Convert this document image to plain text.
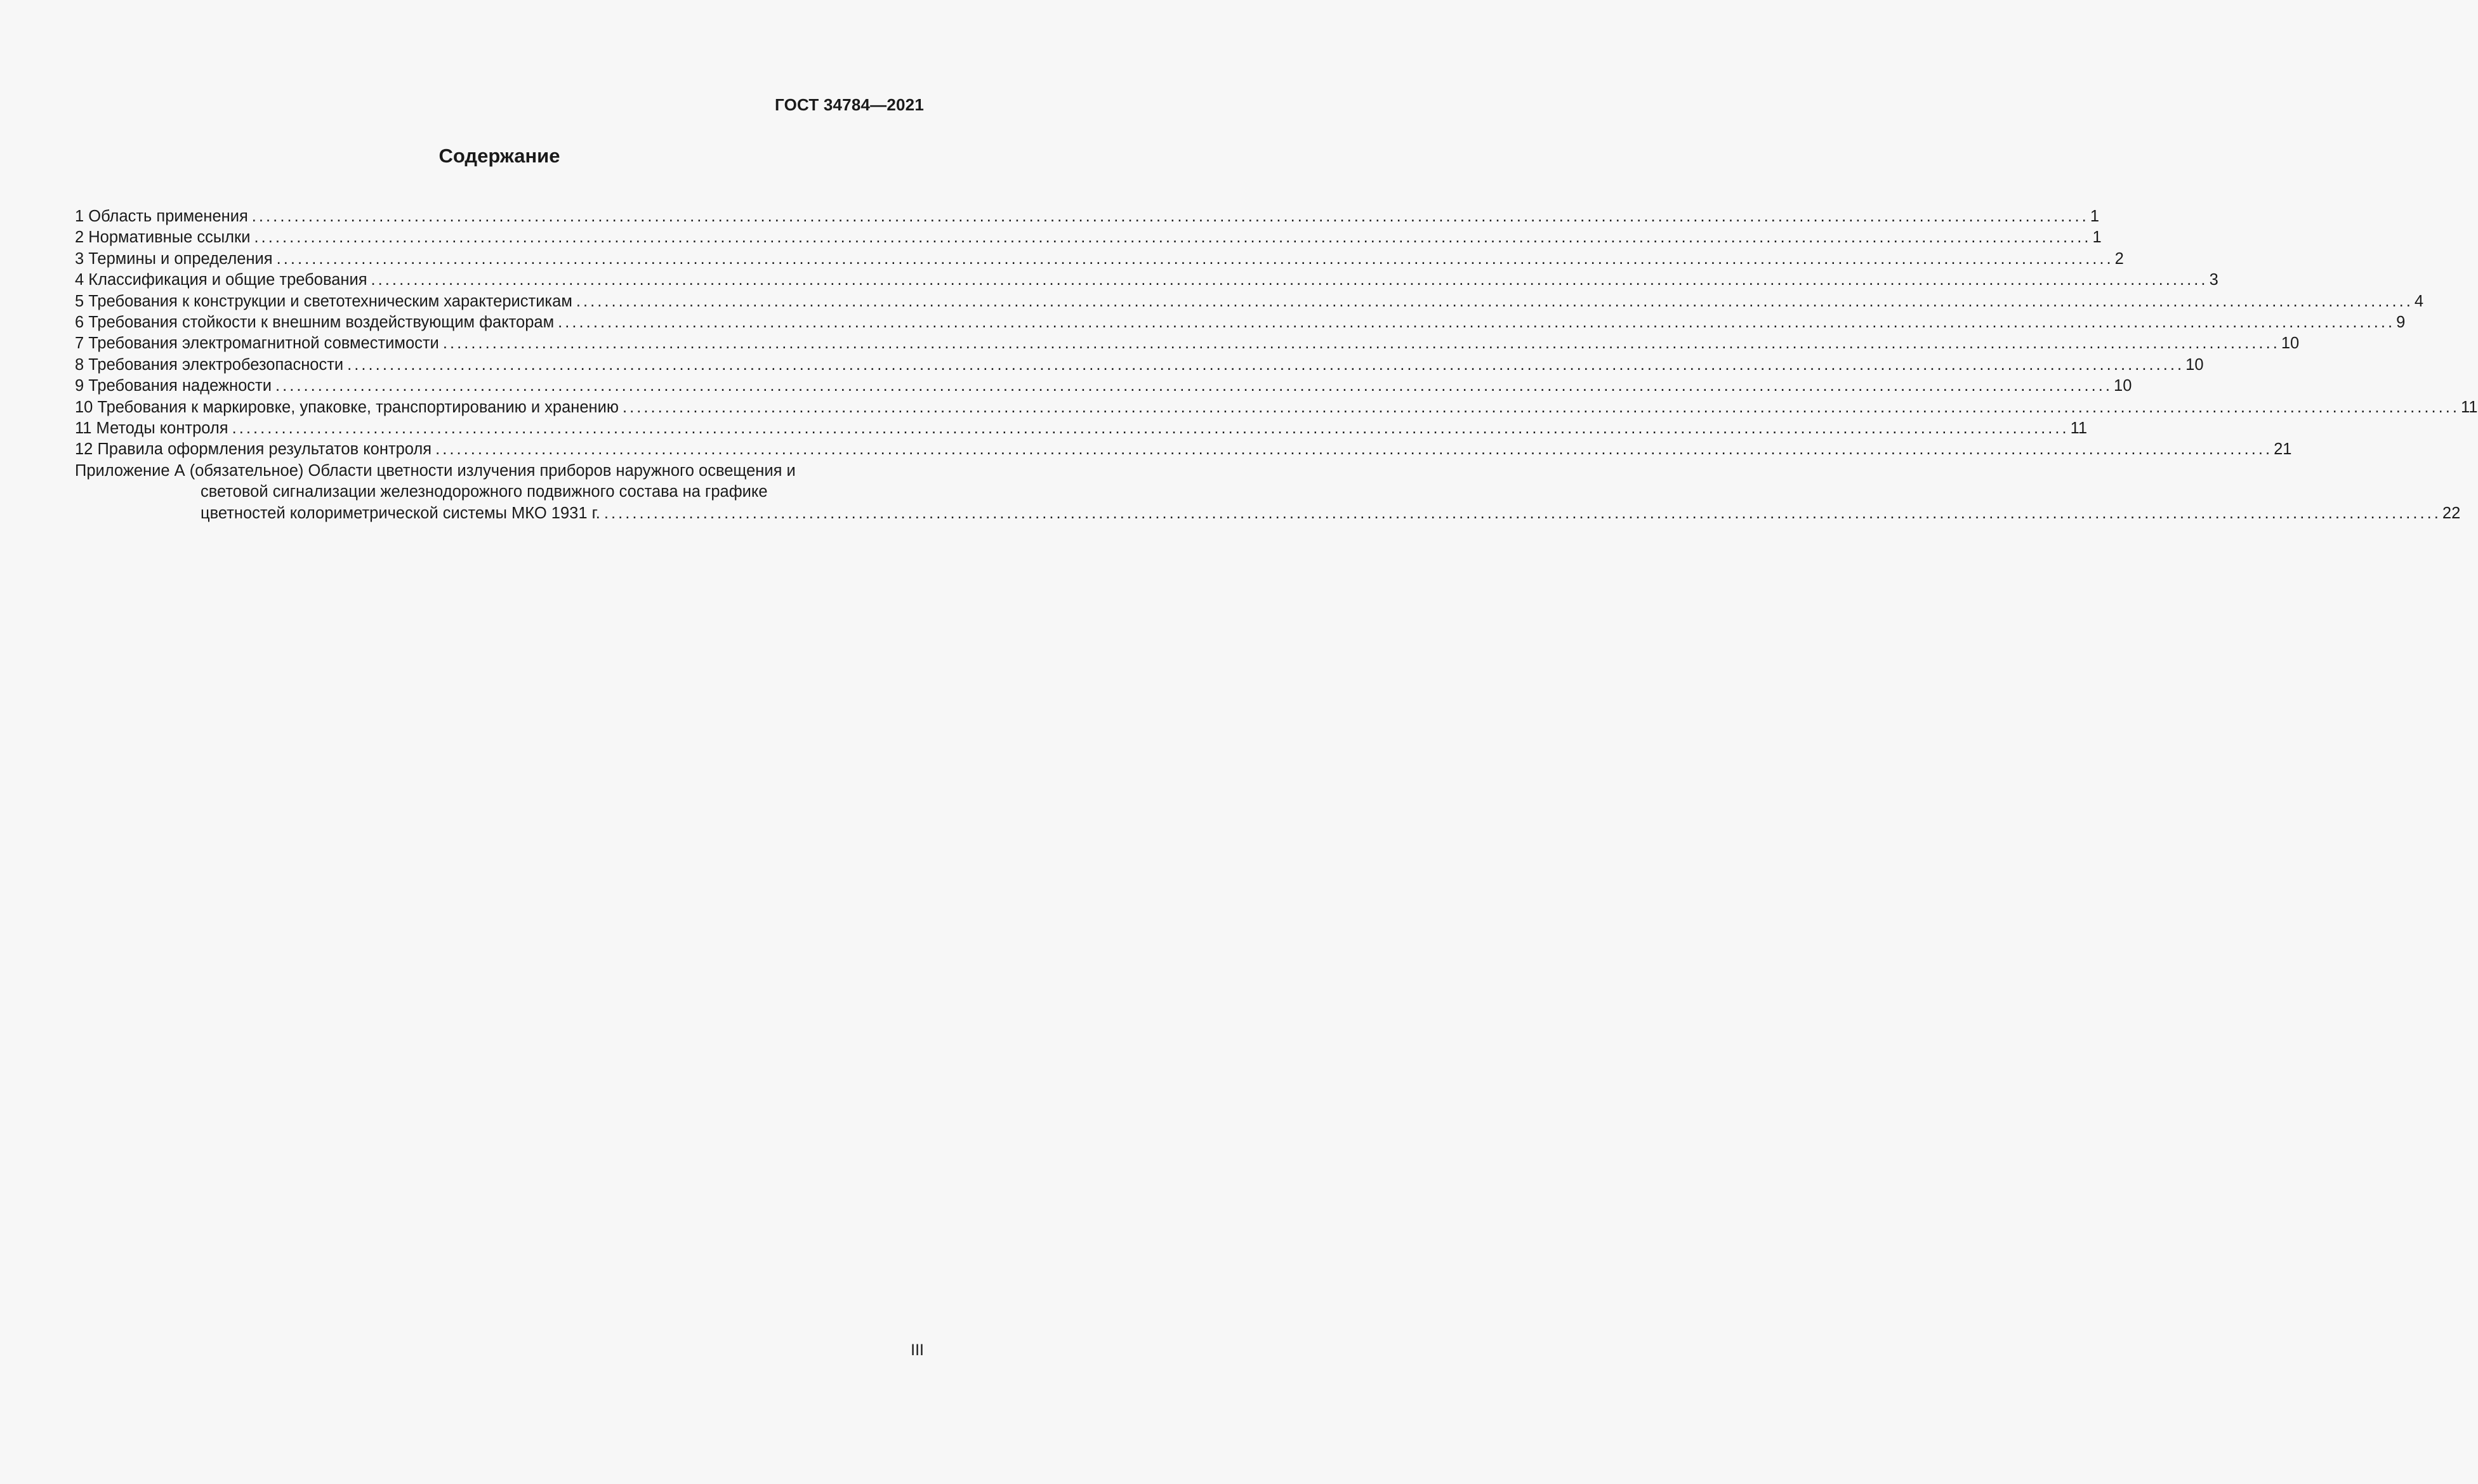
ГОСТ 34784—2021
Содержание
1 Область применения .................................................................................................................................................................................................................................................................... 1
2 Нормативные ссылки .................................................................................................................................................................................................................................................................... 1
3 Термины и определения .................................................................................................................................................................................................................................................................... 2
4 Классификация и общие требования .................................................................................................................................................................................................................................................................... 3
5 Требования к конструкции и светотехническим характеристикам .................................................................................................................................................................................................................................................................... 4
6 Требования стойкости к внешним воздействующим факторам .................................................................................................................................................................................................................................................................... 9
7 Требования электромагнитной совместимости .................................................................................................................................................................................................................................................................... 10
8 Требования электробезопасности .................................................................................................................................................................................................................................................................... 10
9 Требования надежности .................................................................................................................................................................................................................................................................... 10
10 Требования к маркировке, упаковке, транспортированию и хранению .................................................................................................................................................................................................................................................................... 11
11 Методы контроля .................................................................................................................................................................................................................................................................... 11
12 Правила оформления результатов контроля .................................................................................................................................................................................................................................................................... 21
Приложение А (обязательное) Области цветности излучения приборов наружного освещения и
световой сигнализации железнодорожного подвижного состава на графике
цветностей колориметрической системы МКО 1931 г. .................................................................................................................................................................................................................................................................... 22
III
